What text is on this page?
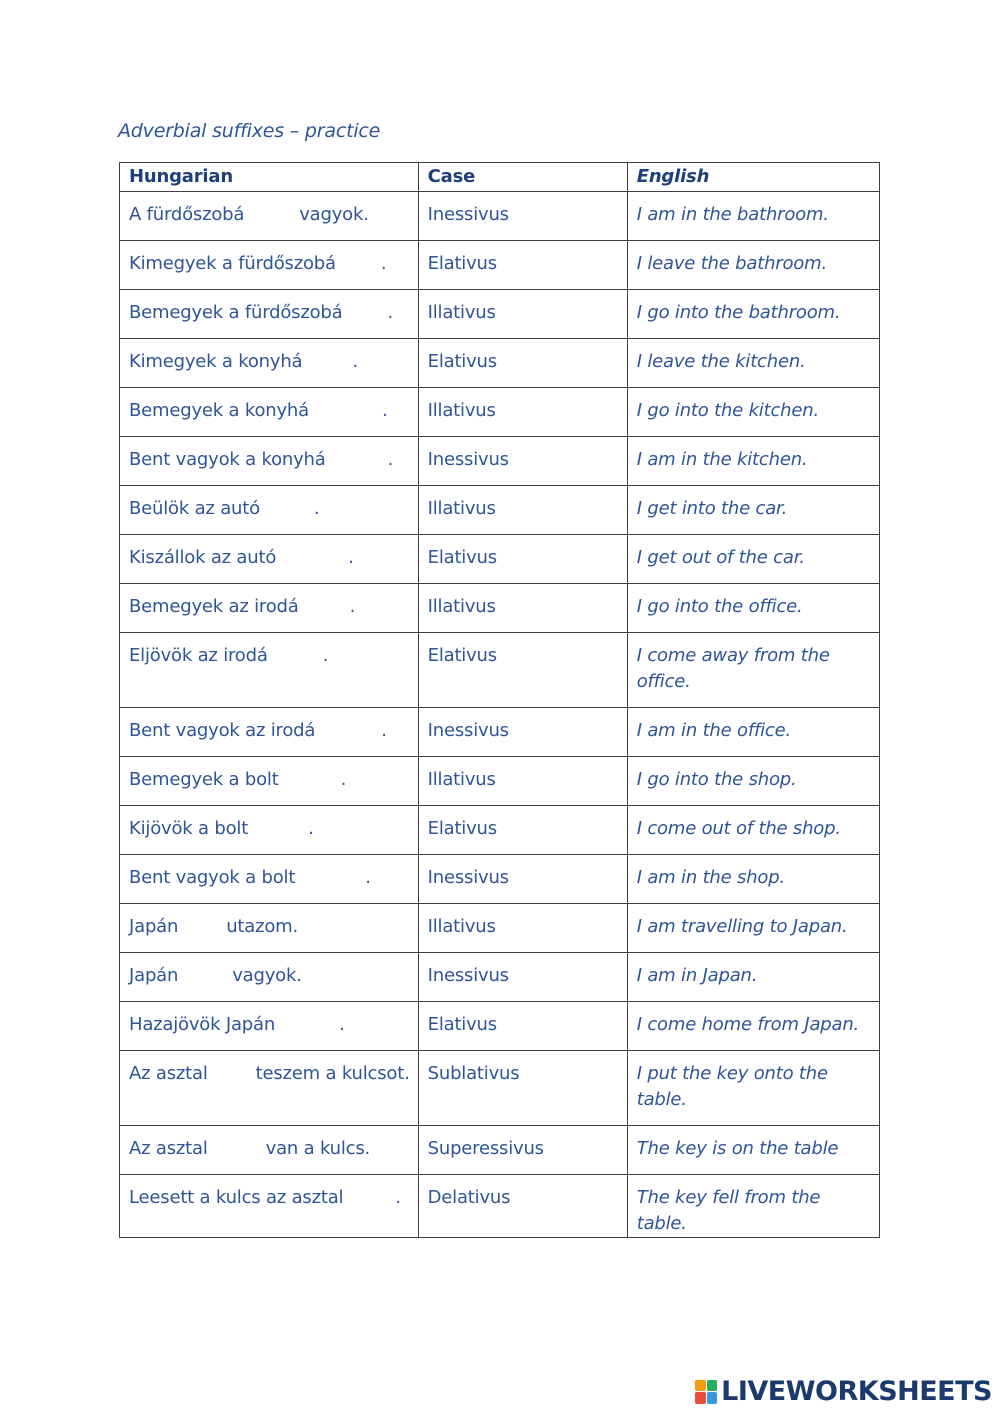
Adverbial suffixes – practice
Hungarian	Case	English

A fürdőszobá vagyok.	Inessivus	I am in the bathroom.

Kimegyek a fürdőszobá .	Elativus	I leave the bathroom.

Bemegyek a fürdőszobá .	Illativus	I go into the bathroom.

Kimegyek a konyhá .	Elativus	I leave the kitchen.

Bemegyek a konyhá .	Illativus	I go into the kitchen.

Bent vagyok a konyhá .	Inessivus	I am in the kitchen.

Beülök az autó .	Illativus	I get into the car.

Kiszállok az autó .	Elativus	I get out of the car.

Bemegyek az irodá .	Illativus	I go into the office.

Eljövök az irodá .	Elativus	I come away from the office.

Bent vagyok az irodá .	Inessivus	I am in the office.

Bemegyek a bolt .	Illativus	I go into the shop.

Kijövök a bolt .	Elativus	I come out of the shop.

Bent vagyok a bolt .	Inessivus	I am in the shop.

Japán utazom.	Illativus	I am travelling to Japan.

Japán vagyok.	Inessivus	I am in Japan.

Hazajövök Japán .	Elativus	I come home from Japan.

Az asztal teszem a kulcsot.	Sublativus	I put the key onto the table.

Az asztal van a kulcs.	Superessivus	The key is on the table

Leesett a kulcs az asztal .	Delativus	The key fell from the table.
LIVEWORKSHEETS
